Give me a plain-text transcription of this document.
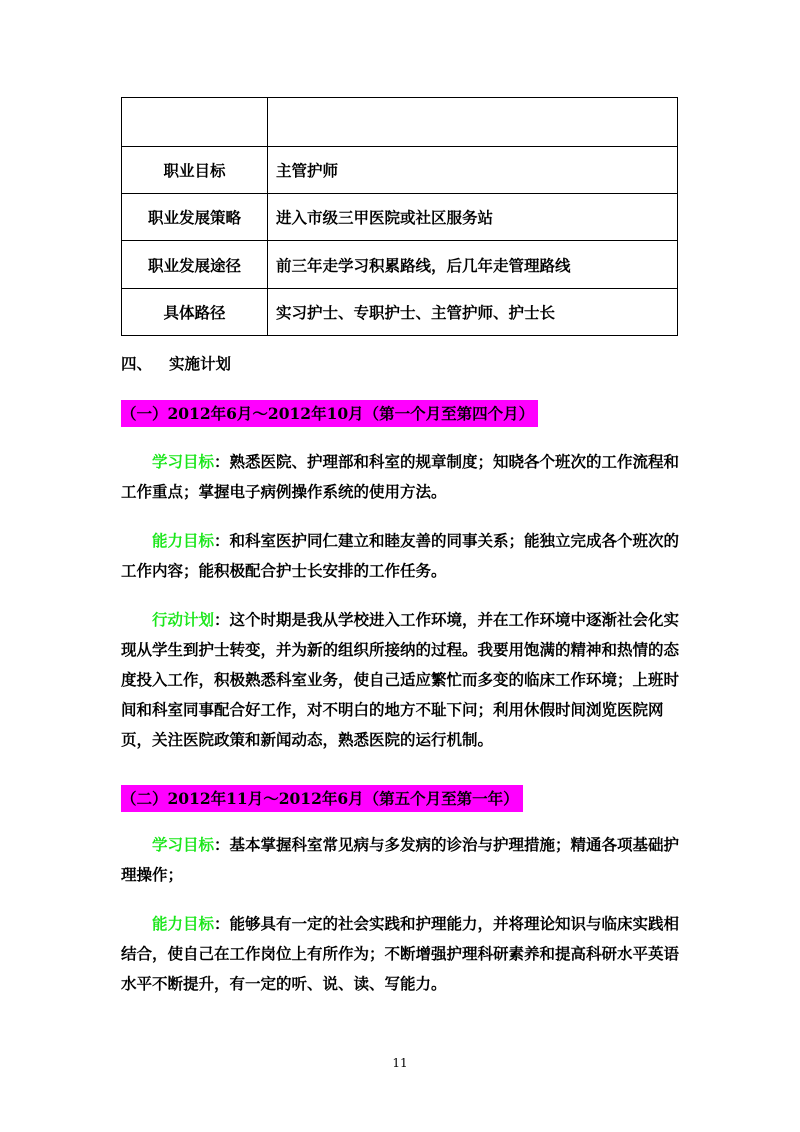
职业目标	主管护师
职业发展策略	进入市级三甲医院或社区服务站
职业发展途径	前三年走学习积累路线，后几年走管理路线
具体路径	实习护士、专职护士、主管护师、护士长
四、 实施计划
（一）2012年6月～2012年10月（第一个月至第四个月）

学习目标：熟悉医院、护理部和科室的规章制度；知晓各个班次的工作流程和工作重点；掌握电子病例操作系统的使用方法。

能力目标：和科室医护同仁建立和睦友善的同事关系；能独立完成各个班次的工作内容；能积极配合护士长安排的工作任务。

行动计划：这个时期是我从学校进入工作环境，并在工作环境中逐渐社会化实现从学生到护士转变，并为新的组织所接纳的过程。我要用饱满的精神和热情的态度投入工作，积极熟悉科室业务，使自己适应繁忙而多变的临床工作环境；上班时间和科室同事配合好工作，对不明白的地方不耻下问；利用休假时间浏览医院网页，关注医院政策和新闻动态，熟悉医院的运行机制。

（二）2012年11月～2012年6月（第五个月至第一年）

学习目标：基本掌握科室常见病与多发病的诊治与护理措施；精通各项基础护理操作；

能力目标：能够具有一定的社会实践和护理能力，并将理论知识与临床实践相结合，使自己在工作岗位上有所作为；不断增强护理科研素养和提高科研水平英语水平不断提升，有一定的听、说、读、写能力。

11
